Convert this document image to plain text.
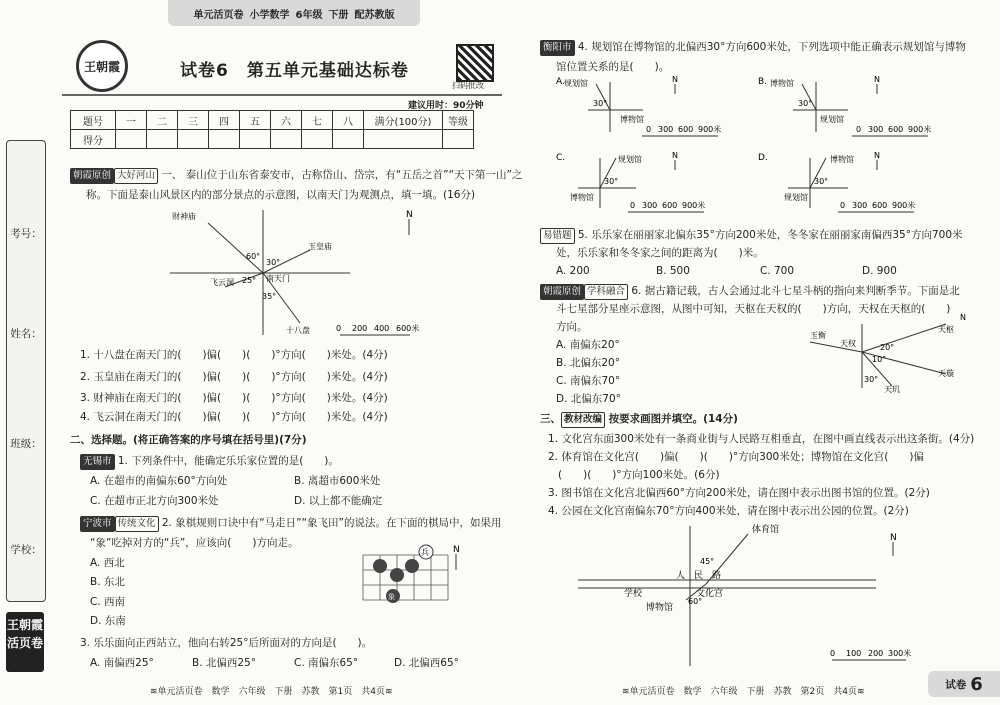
单元活页卷 小学数学 6年级 下册 配苏教版
考号：
姓名：
班级：
学校：
王朝霞
活页卷
王朝霞	试卷6　第五单元基础达标卷
扫码批改
建议用时：90分钟
题号	一	二	三	四	五	六	七	八	满分(100分)	等级
得分										
朝霞原创 大好河山 一、 泰山位于山东省泰安市，古称岱山、岱宗，有“五岳之首”“天下第一山”之
称。下面是泰山风景区内的部分景点的示意图，以南天门为观测点，填一填。(16分)
财神庙
玉皇庙
南天门
飞云洞
十八盘
60°
30°
25°
35°
N
0 200 400 600米
1. 十八盘在南天门的(　　)偏(　　)(　　)°方向(　　)米处。(4分)
2. 玉皇庙在南天门的(　　)偏(　　)(　　)°方向(　　)米处。(4分)
3. 财神庙在南天门的(　　)偏(　　)(　　)°方向(　　)米处。(4分)
4. 飞云洞在南天门的(　　)偏(　　)(　　)°方向(　　)米处。(4分)
二、选择题。(将正确答案的序号填在括号里)(7分)
无锡市 1. 下列条件中，能确定乐乐家位置的是(　　)。
A. 在超市的南偏东60°方向处	B. 离超市600米处
C. 在超市正北方向300米处	D. 以上都不能确定
宁波市 传统文化 2. 象棋规则口诀中有“马走日”“象飞田”的说法。在下面的棋局中，如果用
“象”吃掉对方的“兵”，应该向(　　)方向走。
A. 西北
B. 东北
C. 西南
D. 东南
兵
象
N
3. 乐乐面向正西站立，他向右转25°后所面对的方向是(　　)。
A. 南偏西25°	B. 北偏西25°	C. 南偏东65°	D. 北偏西65°
≋单元活页卷　数学　六年级　下册　苏教　第1页　共4页≋
衡阳市 4. 规划馆在博物馆的北偏西30°方向600米处，下列选项中能正确表示规划馆与博物
馆位置关系的是(　　)。
A. 规划馆
博物馆
30°
N	B. 博物馆
规划馆
30°
N
0 300 600 900米	0 300 600 900米
C.	规划馆
博物馆
30°
N	D.	博物馆
规划馆
30°
N
0 300 600 900米	0 300 600 900米
易错题 5. 乐乐家在丽丽家北偏东35°方向200米处，冬冬家在丽丽家南偏西35°方向700米
处，乐乐家和冬冬家之间的距离为(　　)米。
A. 200	B. 500	C. 700	D. 900
朝霞原创 学科融合 6. 据古籍记载，古人会通过北斗七星斗柄的指向来判断季节。下面是北
斗七星部分星座示意图，从图中可知，天枢在天权的(　　)方向，天权在天枢的(　　)
方向。
A. 南偏东20°
B. 北偏东20°
C. 南偏东70°
D. 北偏东70°
玉衡
天权
天枢
天璇
天玑
20°
10°
30°
N
三、 教材改编 按要求画图并填空。(14分)
1. 文化宫东面300米处有一条商业街与人民路互相垂直，在图中画直线表示出这条街。(4分)
2. 体育馆在文化宫(　　)偏(　　)(　　)°方向300米处；博物馆在文化宫(　　)偏
(　　)(　　)°方向100米处。(6分)
3. 图书馆在文化宫北偏西60°方向200米处，请在图中表示出图书馆的位置。(2分)
4. 公园在文化宫南偏东70°方向400米处，请在图中表示出公园的位置。(2分)
体育馆
学校	文化宫
博物馆
人　民　路
45°
60°
N
0 100 200 300米
≋单元活页卷　数学　六年级　下册　苏教　第2页　共4页≋
试卷 6
